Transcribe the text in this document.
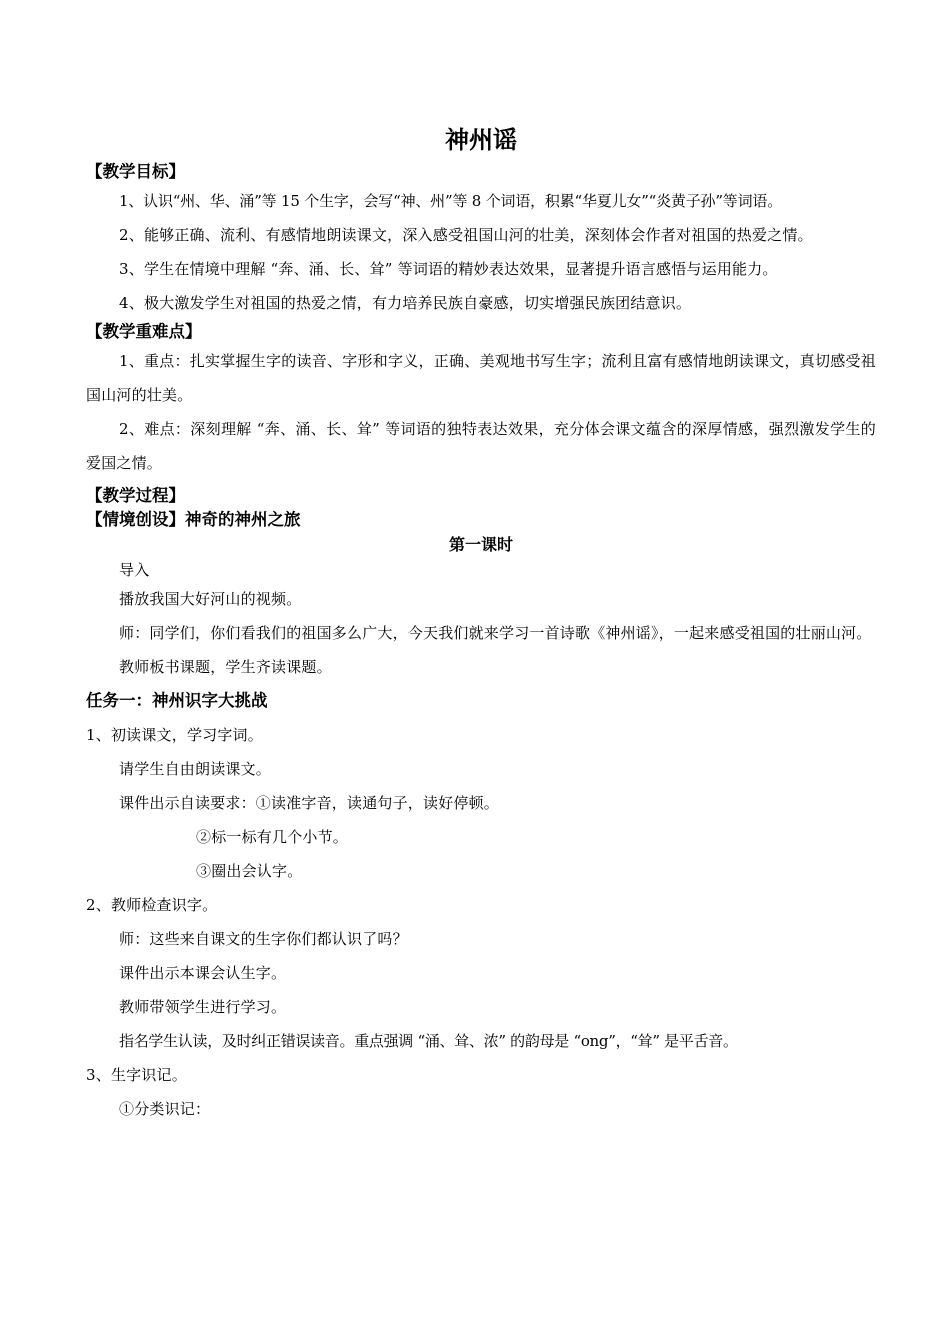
神州谣
【教学目标】

1、认识“州、华、涌”等 15 个生字，会写“神、州”等 8 个词语，积累“华夏儿女”“炎黄子孙”等词语。

2、能够正确、流利、有感情地朗读课文，深入感受祖国山河的壮美，深刻体会作者对祖国的热爱之情。

3、学生在情境中理解 “奔、涌、长、耸” 等词语的精妙表达效果，显著提升语言感悟与运用能力。

4、极大激发学生对祖国的热爱之情，有力培养民族自豪感，切实增强民族团结意识。

【教学重难点】

1、重点：扎实掌握生字的读音、字形和字义，正确、美观地书写生字；流利且富有感情地朗读课文，真切感受祖国山河的壮美。

2、难点：深刻理解 “奔、涌、长、耸” 等词语的独特表达效果，充分体会课文蕴含的深厚情感，强烈激发学生的爱国之情。

【教学过程】
【情境创设】神奇的神州之旅
第一课时

导入

播放我国大好河山的视频。

师：同学们，你们看我们的祖国多么广大，今天我们就来学习一首诗歌《神州谣》，一起来感受祖国的壮丽山河。

教师板书课题，学生齐读课题。

任务一：神州识字大挑战

1、初读课文，学习字词。

请学生自由朗读课文。

课件出示自读要求：①读准字音，读通句子，读好停顿。

②标一标有几个小节。

③圈出会认字。

2、教师检查识字。

师：这些来自课文的生字你们都认识了吗？

课件出示本课会认生字。

教师带领学生进行学习。

指名学生认读，及时纠正错误读音。重点强调 “涌、耸、浓” 的韵母是 “ong”，“耸” 是平舌音。

3、生字识记。

①分类识记：
